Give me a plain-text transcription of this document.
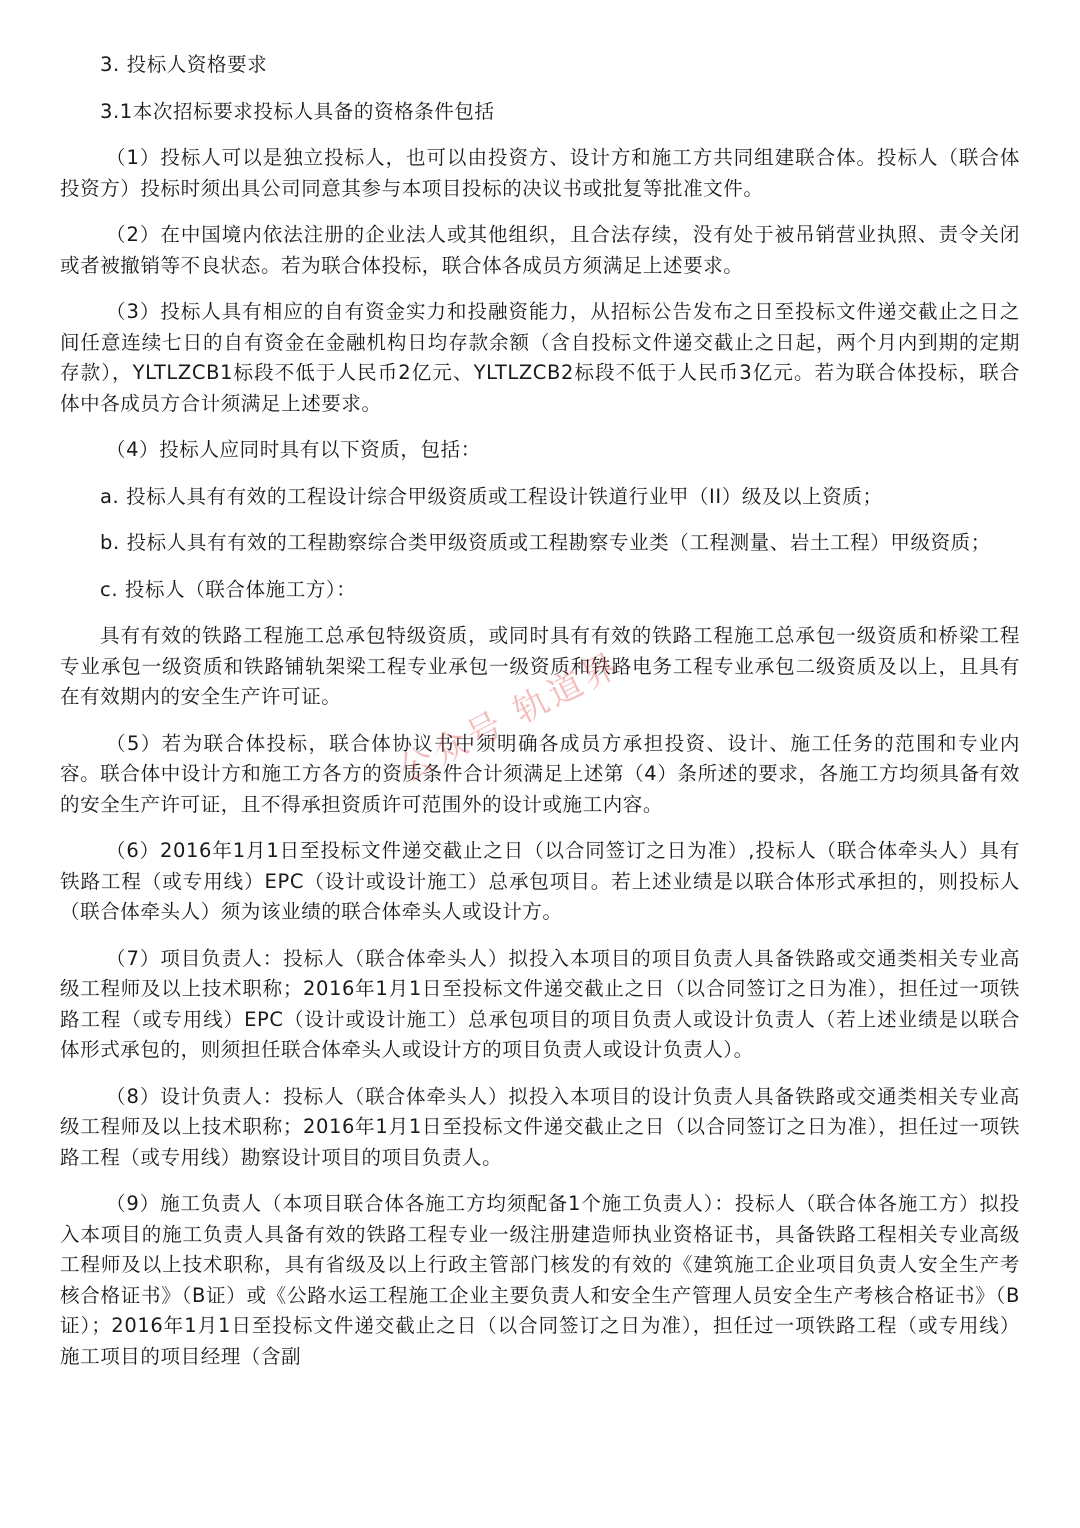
3. 投标人资格要求

3.1本次招标要求投标人具备的资格条件包括

（1）投标人可以是独立投标人，也可以由投资方、设计方和施工方共同组建联合体。投标人（联合体投资方）投标时须出具公司同意其参与本项目投标的决议书或批复等批准文件。

（2）在中国境内依法注册的企业法人或其他组织，且合法存续，没有处于被吊销营业执照、责令关闭或者被撤销等不良状态。若为联合体投标，联合体各成员方须满足上述要求。

（3）投标人具有相应的自有资金实力和投融资能力，从招标公告发布之日至投标文件递交截止之日之间任意连续七日的自有资金在金融机构日均存款余额（含自投标文件递交截止之日起，两个月内到期的定期存款），YLTLZCB1标段不低于人民币2亿元、YLTLZCB2标段不低于人民币3亿元。若为联合体投标，联合体中各成员方合计须满足上述要求。

（4）投标人应同时具有以下资质，包括：

a. 投标人具有有效的工程设计综合甲级资质或工程设计铁道行业甲（II）级及以上资质；

b. 投标人具有有效的工程勘察综合类甲级资质或工程勘察专业类（工程测量、岩土工程）甲级资质；

c. 投标人（联合体施工方）：

具有有效的铁路工程施工总承包特级资质，或同时具有有效的铁路工程施工总承包一级资质和桥梁工程专业承包一级资质和铁路铺轨架梁工程专业承包一级资质和铁路电务工程专业承包二级资质及以上，且具有在有效期内的安全生产许可证。

（5）若为联合体投标，联合体协议书中须明确各成员方承担投资、设计、施工任务的范围和专业内容。联合体中设计方和施工方各方的资质条件合计须满足上述第（4）条所述的要求，各施工方均须具备有效的安全生产许可证，且不得承担资质许可范围外的设计或施工内容。

（6）2016年1月1日至投标文件递交截止之日（以合同签订之日为准）,投标人（联合体牵头人）具有铁路工程（或专用线）EPC（设计或设计施工）总承包项目。若上述业绩是以联合体形式承担的，则投标人（联合体牵头人）须为该业绩的联合体牵头人或设计方。

（7）项目负责人：投标人（联合体牵头人）拟投入本项目的项目负责人具备铁路或交通类相关专业高级工程师及以上技术职称；2016年1月1日至投标文件递交截止之日（以合同签订之日为准），担任过一项铁路工程（或专用线）EPC（设计或设计施工）总承包项目的项目负责人或设计负责人（若上述业绩是以联合体形式承包的，则须担任联合体牵头人或设计方的项目负责人或设计负责人）。

（8）设计负责人：投标人（联合体牵头人）拟投入本项目的设计负责人具备铁路或交通类相关专业高级工程师及以上技术职称；2016年1月1日至投标文件递交截止之日（以合同签订之日为准），担任过一项铁路工程（或专用线）勘察设计项目的项目负责人。

（9）施工负责人（本项目联合体各施工方均须配备1个施工负责人）：投标人（联合体各施工方）拟投入本项目的施工负责人具备有效的铁路工程专业一级注册建造师执业资格证书，具备铁路工程相关专业高级工程师及以上技术职称，具有省级及以上行政主管部门核发的有效的《建筑施工企业项目负责人安全生产考核合格证书》（B证）或《公路水运工程施工企业主要负责人和安全生产管理人员安全生产考核合格证书》（B证）；2016年1月1日至投标文件递交截止之日（以合同签订之日为准），担任过一项铁路工程（或专用线）施工项目的项目经理（含副

公众号 轨道界
